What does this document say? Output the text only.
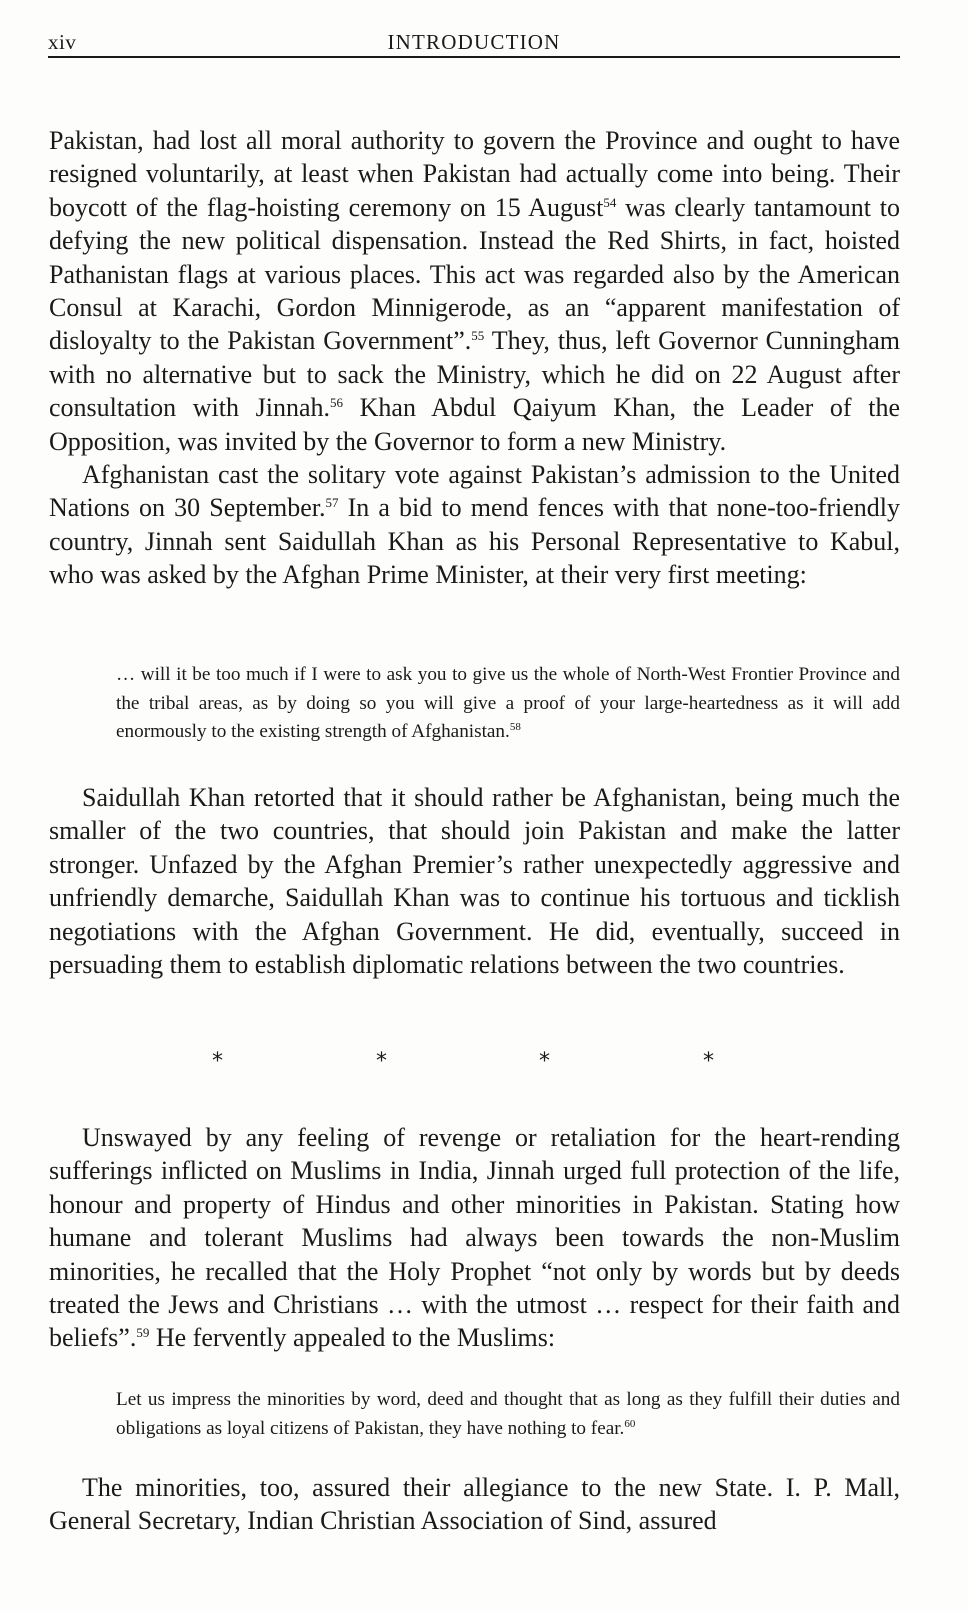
xiv	INTRODUCTION

Pakistan, had lost all moral authority to govern the Province and ought to have resigned voluntarily, at least when Pakistan had actually come into being. Their boycott of the flag-hoisting ceremony on 15 August$^{54}$ was clearly tantamount to defying the new political dispensation. Instead the Red Shirts, in fact, hoisted Pathanistan flags at various places. This act was regarded also by the American Consul at Karachi, Gordon Minnigerode, as an “apparent manifestation of disloyalty to the Pakistan Government”.$^{55}$ They, thus, left Governor Cunningham with no alternative but to sack the Ministry, which he did on 22 August after consultation with Jinnah.$^{56}$ Khan Abdul Qaiyum Khan, the Leader of the Opposition, was invited by the Governor to form a new Ministry.

Afghanistan cast the solitary vote against Pakistan’s admission to the United Nations on 30 September.$^{57}$ In a bid to mend fences with that none-too-friendly country, Jinnah sent Saidullah Khan as his Personal Representative to Kabul, who was asked by the Afghan Prime Minister, at their very first meeting:

… will it be too much if I were to ask you to give us the whole of North-West Frontier Province and the tribal areas, as by doing so you will give a proof of your large-heartedness as it will add enormously to the existing strength of Afghanistan.$^{58}$

Saidullah Khan retorted that it should rather be Afghanistan, being much the smaller of the two countries, that should join Pakistan and make the latter stronger. Unfazed by the Afghan Premier’s rather unexpectedly aggressive and unfriendly demarche, Saidullah Khan was to continue his tortuous and ticklish negotiations with the Afghan Government. He did, eventually, succeed in persuading them to establish diplomatic relations between the two countries.

*	*	*	*

Unswayed by any feeling of revenge or retaliation for the heart-rending sufferings inflicted on Muslims in India, Jinnah urged full protection of the life, honour and property of Hindus and other minorities in Pakistan. Stating how humane and tolerant Muslims had always been towards the non-Muslim minorities, he recalled that the Holy Prophet “not only by words but by deeds treated the Jews and Christians … with the utmost … respect for their faith and beliefs”.$^{59}$ He fervently appealed to the Muslims:

Let us impress the minorities by word, deed and thought that as long as they fulfill their duties and obligations as loyal citizens of Pakistan, they have nothing to fear.$^{60}$

The minorities, too, assured their allegiance to the new State. I. P. Mall, General Secretary, Indian Christian Association of Sind, assured
